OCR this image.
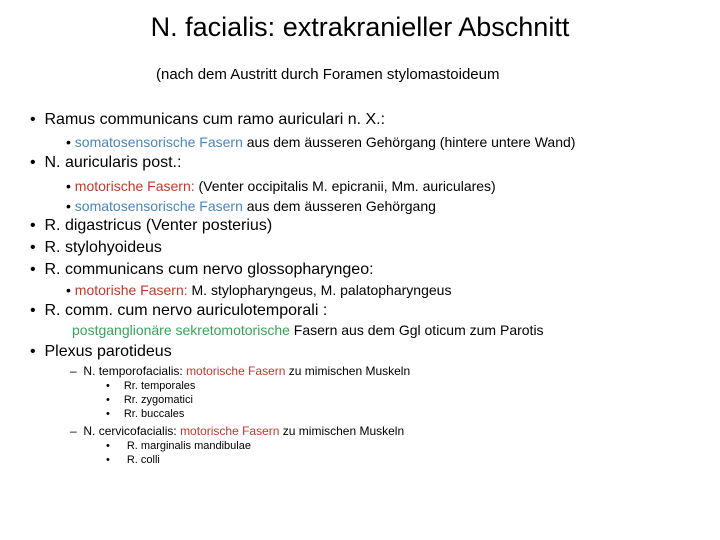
N. facialis: extrakranieller Abschnitt
(nach dem Austritt durch Foramen stylomastoideum
• Ramus communicans cum ramo auriculari n. X.:
• somatosensorische Fasern aus dem äusseren Gehörgang (hintere untere Wand)
• N. auricularis post.:
• motorische Fasern: (Venter occipitalis M. epicranii, Mm. auriculares)
• somatosensorische Fasern aus dem äusseren Gehörgang
• R. digastricus (Venter posterius)
• R. stylohyoideus
• R. communicans cum nervo glossopharyngeo:
• motorishe Fasern: M. stylopharyngeus, M. palatopharyngeus
• R. comm. cum nervo auriculotemporali :
postganglionäre sekretomotorische Fasern aus dem Ggl oticum zum Parotis
• Plexus parotideus
– N. temporofacialis: motorische Fasern zu mimischen Muskeln
• Rr. temporales
• Rr. zygomatici
• Rr. buccales
– N. cervicofacialis: motorische Fasern zu mimischen Muskeln
• R. marginalis mandibulae
• R. colli
